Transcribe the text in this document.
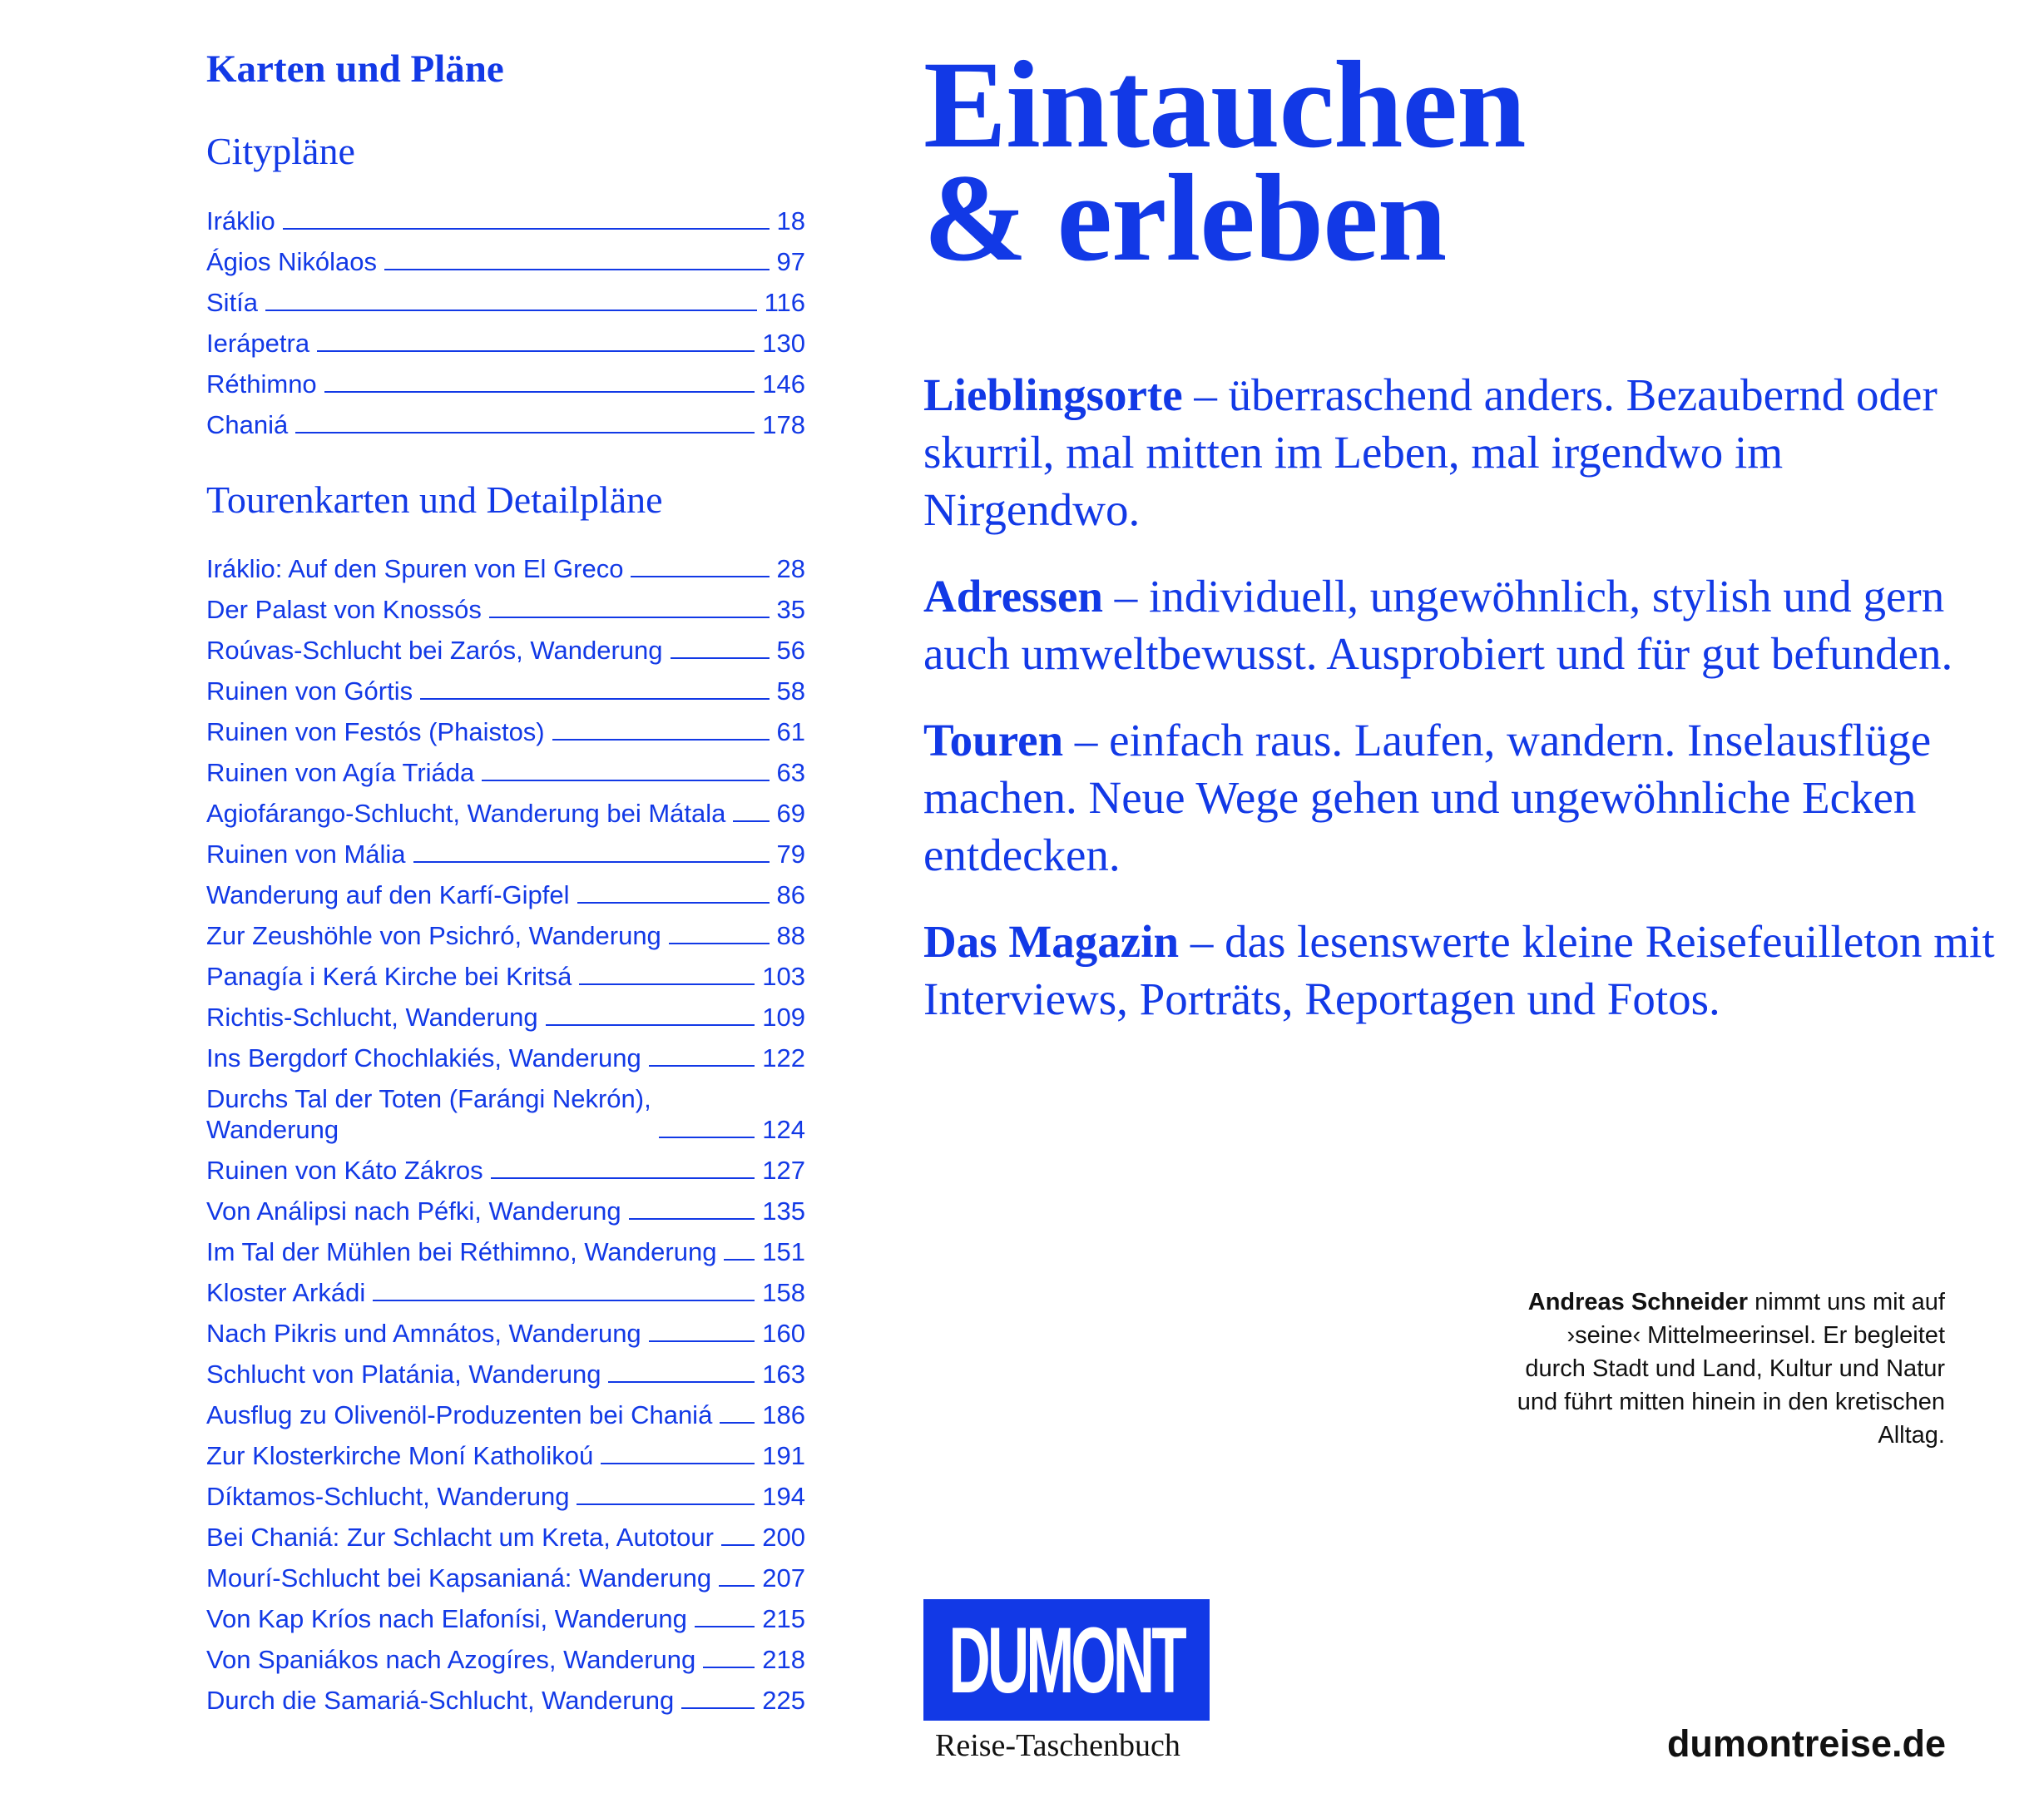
Karten und Pläne
Citypläne
Iráklio	18
Ágios Nikólaos	97
Sitía	116
Ierápetra	130
Réthimno	146
Chaniá	178
Tourenkarten und Detailpläne
Iráklio: Auf den Spuren von El Greco	28
Der Palast von Knossós	35
Roúvas-Schlucht bei Zarós, Wanderung	56
Ruinen von Górtis	58
Ruinen von Festós (Phaistos)	61
Ruinen von Agía Triáda	63
Agiofárango-Schlucht, Wanderung bei Mátala 69
Ruinen von Mália	79
Wanderung auf den Karfí-Gipfel	86
Zur Zeushöhle von Psichró, Wanderung	88
Panagía i Kerá Kirche bei Kritsá	103
Richtis-Schlucht, Wanderung	109
Ins Bergdorf Chochlakiés, Wanderung	122
Durchs Tal der Toten (Farángi Nekrón),
Wanderung	124
Ruinen von Káto Zákros	127
Von Análipsi nach Péfki, Wanderung	135
Im Tal der Mühlen bei Réthimno, Wanderung 151
Kloster Arkádi	158
Nach Pikris und Amnátos, Wanderung	160
Schlucht von Platánia, Wanderung	163
Ausflug zu Olivenöl-Produzenten bei Chaniá 186
Zur Klosterkirche Moní Katholikoú	191
Díktamos-Schlucht, Wanderung	194
Bei Chaniá: Zur Schlacht um Kreta, Autotour 200
Mourí-Schlucht bei Kapsanianá: Wanderung 207
Von Kap Kríos nach Elafonísi, Wanderung	215
Von Spaniákos nach Azogíres, Wanderung	218
Durch die Samariá-Schlucht, Wanderung	225
Eintauchen
& erleben

Lieblingsorte – überraschend anders. Bezaubernd oder skurril, mal mitten im Leben, mal irgendwo im Nirgendwo.

Adressen – individuell, ungewöhnlich, stylish und gern auch umweltbewusst. Ausprobiert und für gut befunden.

Touren – einfach raus. Laufen, wandern. Inselausflüge machen. Neue Wege gehen und ungewöhnliche Ecken entdecken.

Das Magazin – das lesenswerte kleine Reisefeuilleton mit Interviews, Porträts, Reportagen und Fotos.

Andreas Schneider nimmt uns mit auf ›seine‹ Mittelmeerinsel. Er begleitet durch Stadt und Land, Kultur und Natur und führt mitten hinein in den kretischen Alltag.

DUMONT
Reise-Taschenbuch	dumontreise.de
